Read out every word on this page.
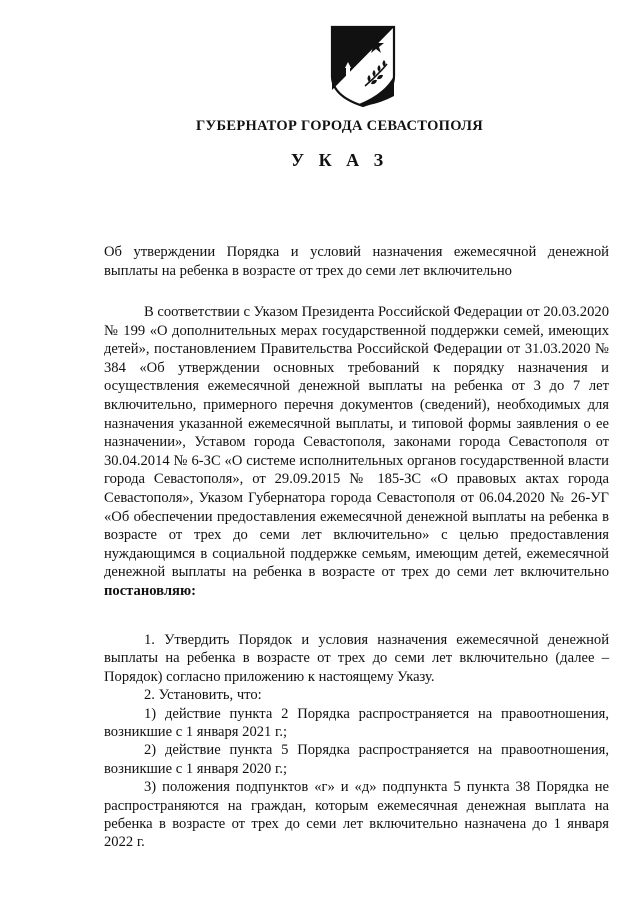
ГУБЕРНАТОР ГОРОДА СЕВАСТОПОЛЯ
У К А З
Об утверждении Порядка и условий назначения ежемесячной денежной выплаты на ребенка в возрасте от трех до семи лет включительно

В соответствии с Указом Президента Российской Федерации от 20.03.2020 № 199 «О дополнительных мерах государственной поддержки семей, имеющих детей», постановлением Правительства Российской Федерации от 31.03.2020 № 384 «Об утверждении основных требований к порядку назначения и осуществления ежемесячной денежной выплаты на ребенка от 3 до 7 лет включительно, примерного перечня документов (сведений), необходимых для назначения указанной ежемесячной выплаты, и типовой формы заявления о ее назначении», Уставом города Севастополя, законами города Севастополя от 30.04.2014 № 6-ЗС «О системе исполнительных органов государственной власти города Севастополя», от 29.09.2015 № 185-ЗС «О правовых актах города Севастополя», Указом Губернатора города Севастополя от 06.04.2020 № 26-УГ «Об обеспечении предоставления ежемесячной денежной выплаты на ребенка в возрасте от трех до семи лет включительно» с целью предоставления нуждающимся в социальной поддержке семьям, имеющим детей, ежемесячной денежной выплаты на ребенка в возрасте от трех до семи лет включительно постановляю:

1. Утвердить Порядок и условия назначения ежемесячной денежной выплаты на ребенка в возрасте от трех до семи лет включительно (далее – Порядок) согласно приложению к настоящему Указу.

2. Установить, что:

1) действие пункта 2 Порядка распространяется на правоотношения, возникшие с 1 января 2021 г.;

2) действие пункта 5 Порядка распространяется на правоотношения, возникшие с 1 января 2020 г.;

3) положения подпунктов «г» и «д» подпункта 5 пункта 38 Порядка не распространяются на граждан, которым ежемесячная денежная выплата на ребенка в возрасте от трех до семи лет включительно назначена до 1 января 2022 г.
